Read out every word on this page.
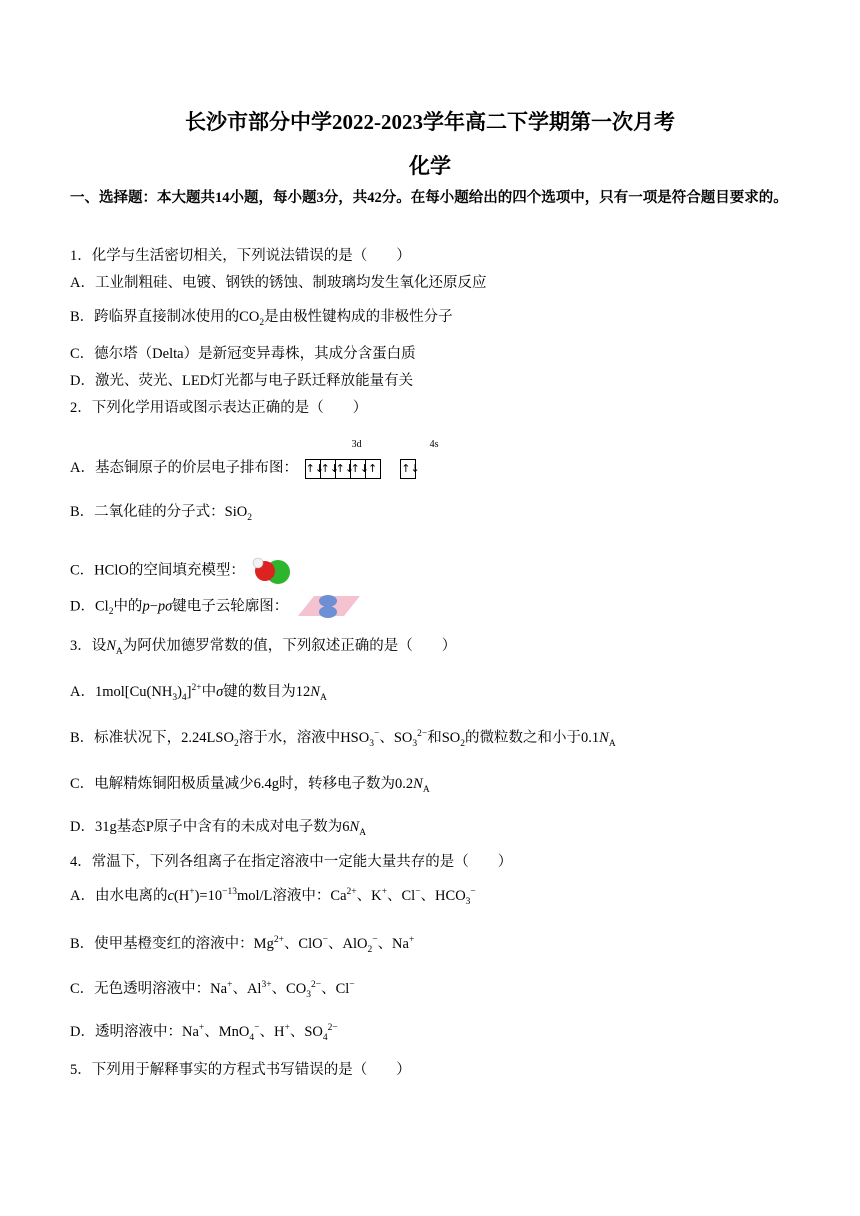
长沙市部分中学2022-2023学年高二下学期第一次月考
化学
一、选择题：本大题共14小题，每小题3分，共42分。在每小题给出的四个选项中，只有一项是符合题目要求的。
1．化学与生活密切相关，下列说法错误的是（　　）
A．工业制粗硅、电镀、钢铁的锈蚀、制玻璃均发生氧化还原反应
B．跨临界直接制冰使用的$CO_2$是由极性键构成的非极性分子
C．德尔塔（Delta）是新冠变异毒株，其成分含蛋白质
D．激光、荧光、LED灯光都与电子跃迁释放能量有关
2．下列化学用语或图示表达正确的是（　　）
A．基态铜原子的价层电子排布图：
3d
↑↓↑↓↑↓↑↓↑
4s
↑↓
B．二氧化硅的分子式：SiO$_2$
C．HClO的空间填充模型：
D．$Cl_2$中的p−pσ键电子云轮廓图：
3．设$N_A$为阿伏加德罗常数的值，下列叙述正确的是（　　）
A．$1mol[Cu(NH_3)_4]^{2+}$中σ键的数目为$12N_A$
B．标准状况下，$2.24LSO_2$溶于水，溶液中$HSO_3^-$、$SO_3^{2-}$和$SO_2$的微粒数之和小于$0.1N_A$
C．电解精炼铜阳极质量减少6.4g时，转移电子数为$0.2N_A$
D．31g基态P原子中含有的未成对电子数为$6N_A$
4．常温下，下列各组离子在指定溶液中一定能大量共存的是（　　）
A．由水电离的$c(H^+)=10^{-13}mol/L$溶液中：$Ca^{2+}$、K+、Cl−、$HCO_3^-$
B．使甲基橙变红的溶液中：$Mg^{2+}$、ClO−、AlO$_2$−、Na+
C．无色透明溶液中：Na+、$Al^{3+}$、$CO_3^{2-}$、Cl−
D．透明溶液中：Na+、MnO$_4$−、H+、$SO_4^{2-}$
5．下列用于解释事实的方程式书写错误的是（　　）
